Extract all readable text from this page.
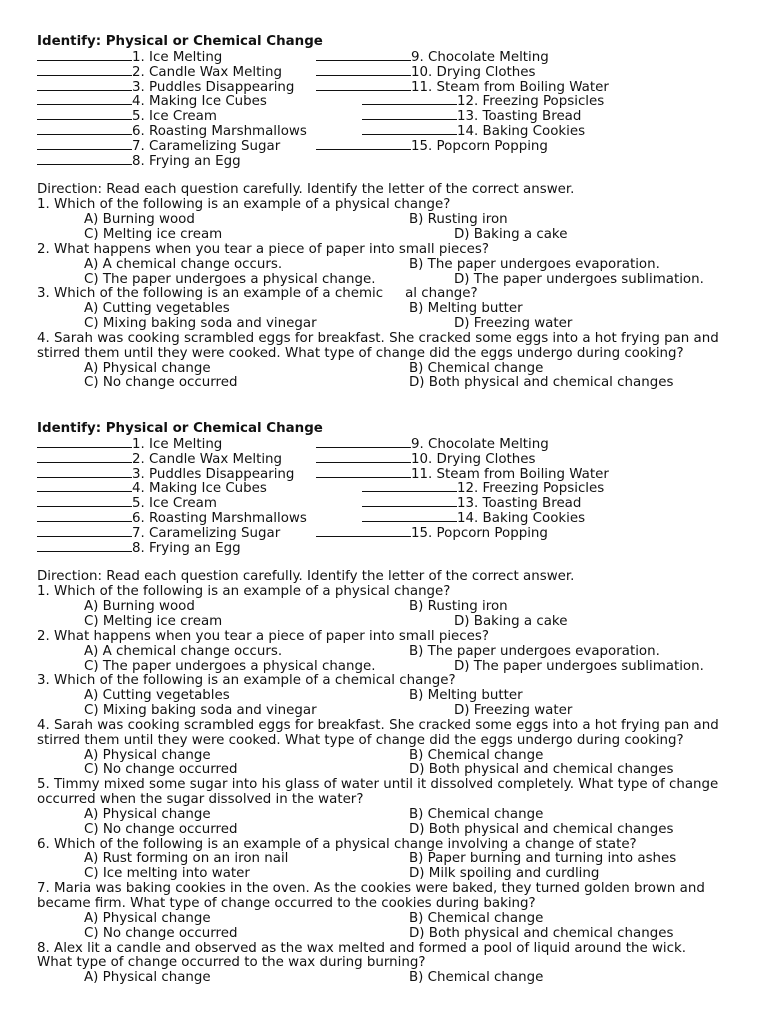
Identify: Physical or Chemical Change
1. Ice Melting	9. Chocolate Melting
2. Candle Wax Melting	10. Drying Clothes
3. Puddles Disappearing	11. Steam from Boiling Water
4. Making Ice Cubes	12. Freezing Popsicles
5. Ice Cream	13. Toasting Bread
6. Roasting Marshmallows	14. Baking Cookies
7. Caramelizing Sugar	15. Popcorn Popping
8. Frying an Egg
Direction: Read each question carefully. Identify the letter of the correct answer.
1. Which of the following is an example of a physical change?
A) Burning wood	B) Rusting iron
C) Melting ice cream	D) Baking a cake
2. What happens when you tear a piece of paper into small pieces?
A) A chemical change occurs.	B) The paper undergoes evaporation.
C) The paper undergoes a physical change.	D) The paper undergoes sublimation.
3. Which of the following is an example of a chemic al change?
A) Cutting vegetables	B) Melting butter
C) Mixing baking soda and vinegar	D) Freezing water
4. Sarah was cooking scrambled eggs for breakfast. She cracked some eggs into a hot frying pan and
stirred them until they were cooked. What type of change did the eggs undergo during cooking?
A) Physical change	B) Chemical change
C) No change occurred	D) Both physical and chemical changes
Identify: Physical or Chemical Change
1. Ice Melting	9. Chocolate Melting
2. Candle Wax Melting	10. Drying Clothes
3. Puddles Disappearing	11. Steam from Boiling Water
4. Making Ice Cubes	12. Freezing Popsicles
5. Ice Cream	13. Toasting Bread
6. Roasting Marshmallows	14. Baking Cookies
7. Caramelizing Sugar	15. Popcorn Popping
8. Frying an Egg
Direction: Read each question carefully. Identify the letter of the correct answer.
1. Which of the following is an example of a physical change?
A) Burning wood	B) Rusting iron
C) Melting ice cream	D) Baking a cake
2. What happens when you tear a piece of paper into small pieces?
A) A chemical change occurs.	B) The paper undergoes evaporation.
C) The paper undergoes a physical change.	D) The paper undergoes sublimation.
3. Which of the following is an example of a chemical change?
A) Cutting vegetables	B) Melting butter
C) Mixing baking soda and vinegar	D) Freezing water
4. Sarah was cooking scrambled eggs for breakfast. She cracked some eggs into a hot frying pan and
stirred them until they were cooked. What type of change did the eggs undergo during cooking?
A) Physical change	B) Chemical change
C) No change occurred	D) Both physical and chemical changes
5. Timmy mixed some sugar into his glass of water until it dissolved completely. What type of change
occurred when the sugar dissolved in the water?
A) Physical change	B) Chemical change
C) No change occurred	D) Both physical and chemical changes
6. Which of the following is an example of a physical change involving a change of state?
A) Rust forming on an iron nail	B) Paper burning and turning into ashes
C) Ice melting into water	D) Milk spoiling and curdling
7. Maria was baking cookies in the oven. As the cookies were baked, they turned golden brown and
became firm. What type of change occurred to the cookies during baking?
A) Physical change	B) Chemical change
C) No change occurred	D) Both physical and chemical changes
8. Alex lit a candle and observed as the wax melted and formed a pool of liquid around the wick.
What type of change occurred to the wax during burning?
A) Physical change	B) Chemical change
